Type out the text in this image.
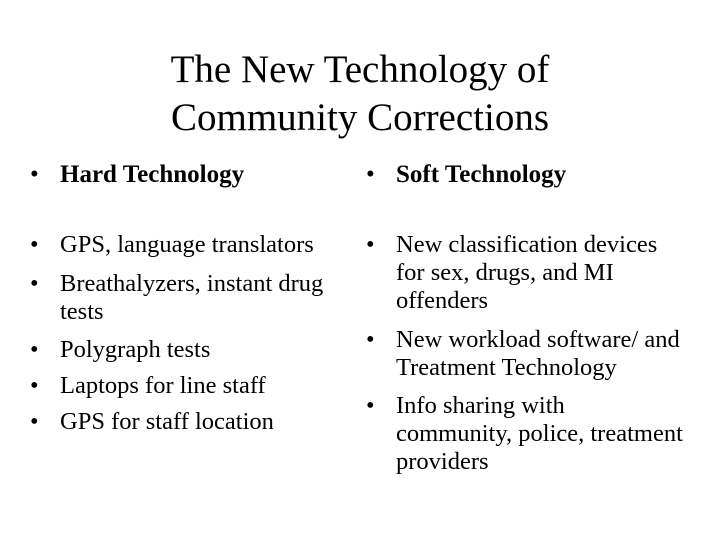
The New Technology of
Community Corrections
• Hard Technology	• Soft Technology
• GPS, language translators
• Breathalyzers, instant drug tests
• Polygraph tests
• Laptops for line staff
• GPS for staff location
• New classification devices for sex, drugs, and MI offenders
• New workload software/ and Treatment Technology
• Info sharing with community, police, treatment providers
